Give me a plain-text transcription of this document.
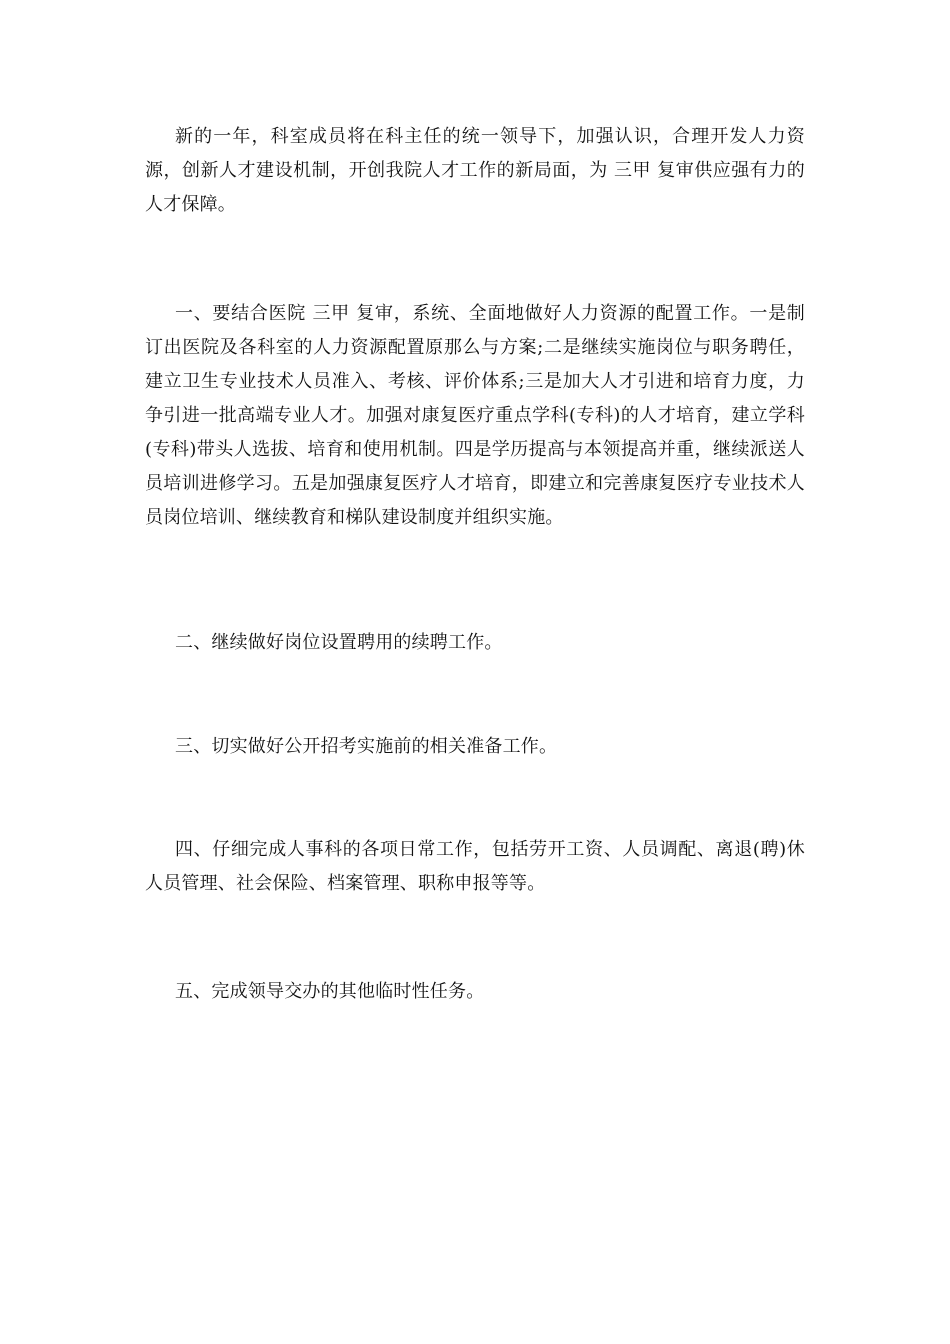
新的一年，科室成员将在科主任的统一领导下，加强认识，合理开发人力资源，创新人才建设机制，开创我院人才工作的新局面，为 三甲 复审供应强有力的人才保障。

一、要结合医院 三甲 复审，系统、全面地做好人力资源的配置工作。一是制订出医院及各科室的人力资源配置原那么与方案;二是继续实施岗位与职务聘任，建立卫生专业技术人员准入、考核、评价体系;三是加大人才引进和培育力度，力争引进一批高端专业人才。加强对康复医疗重点学科(专科)的人才培育，建立学科(专科)带头人选拔、培育和使用机制。四是学历提高与本领提高并重，继续派送人员培训进修学习。五是加强康复医疗人才培育，即建立和完善康复医疗专业技术人员岗位培训、继续教育和梯队建设制度并组织实施。

二、继续做好岗位设置聘用的续聘工作。

三、切实做好公开招考实施前的相关准备工作。

四、仔细完成人事科的各项日常工作，包括劳开工资、人员调配、离退(聘)休人员管理、社会保险、档案管理、职称申报等等。

五、完成领导交办的其他临时性任务。
